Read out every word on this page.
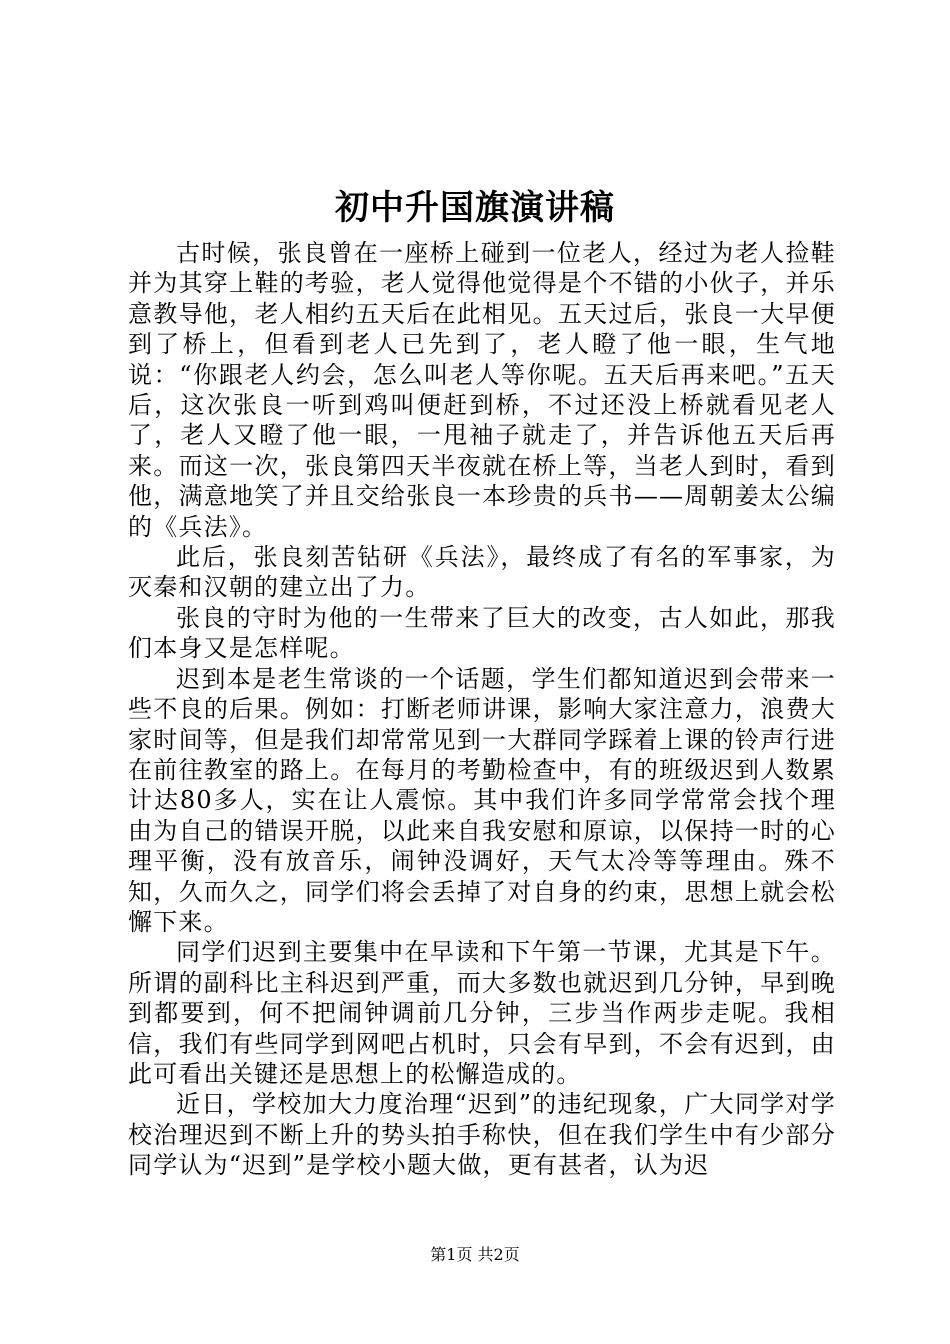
初中升国旗演讲稿

古时候，张良曾在一座桥上碰到一位老人，经过为老人捡鞋并为其穿上鞋的考验，老人觉得他觉得是个不错的小伙子，并乐意教导他，老人相约五天后在此相见。五天过后，张良一大早便到了桥上，但看到老人已先到了，老人瞪了他一眼，生气地说：“你跟老人约会，怎么叫老人等你呢。五天后再来吧。”五天后，这次张良一听到鸡叫便赶到桥，不过还没上桥就看见老人了，老人又瞪了他一眼，一甩袖子就走了，并告诉他五天后再来。而这一次，张良第四天半夜就在桥上等，当老人到时，看到他，满意地笑了并且交给张良一本珍贵的兵书——周朝姜太公编的《兵法》。

此后，张良刻苦钻研《兵法》，最终成了有名的军事家，为灭秦和汉朝的建立出了力。

张良的守时为他的一生带来了巨大的改变，古人如此，那我们本身又是怎样呢。

迟到本是老生常谈的一个话题，学生们都知道迟到会带来一些不良的后果。例如：打断老师讲课，影响大家注意力，浪费大家时间等，但是我们却常常见到一大群同学踩着上课的铃声行进在前往教室的路上。在每月的考勤检查中，有的班级迟到人数累计达80多人，实在让人震惊。其中我们许多同学常常会找个理由为自己的错误开脱，以此来自我安慰和原谅，以保持一时的心理平衡，没有放音乐，闹钟没调好，天气太冷等等理由。殊不知，久而久之，同学们将会丢掉了对自身的约束，思想上就会松懈下来。

同学们迟到主要集中在早读和下午第一节课，尤其是下午。所谓的副科比主科迟到严重，而大多数也就迟到几分钟，早到晚到都要到，何不把闹钟调前几分钟，三步当作两步走呢。我相信，我们有些同学到网吧占机时，只会有早到，不会有迟到，由此可看出关键还是思想上的松懈造成的。

近日，学校加大力度治理“迟到”的违纪现象，广大同学对学校治理迟到不断上升的势头拍手称快，但在我们学生中有少部分同学认为“迟到”是学校小题大做，更有甚者，认为迟

第1页 共2页
